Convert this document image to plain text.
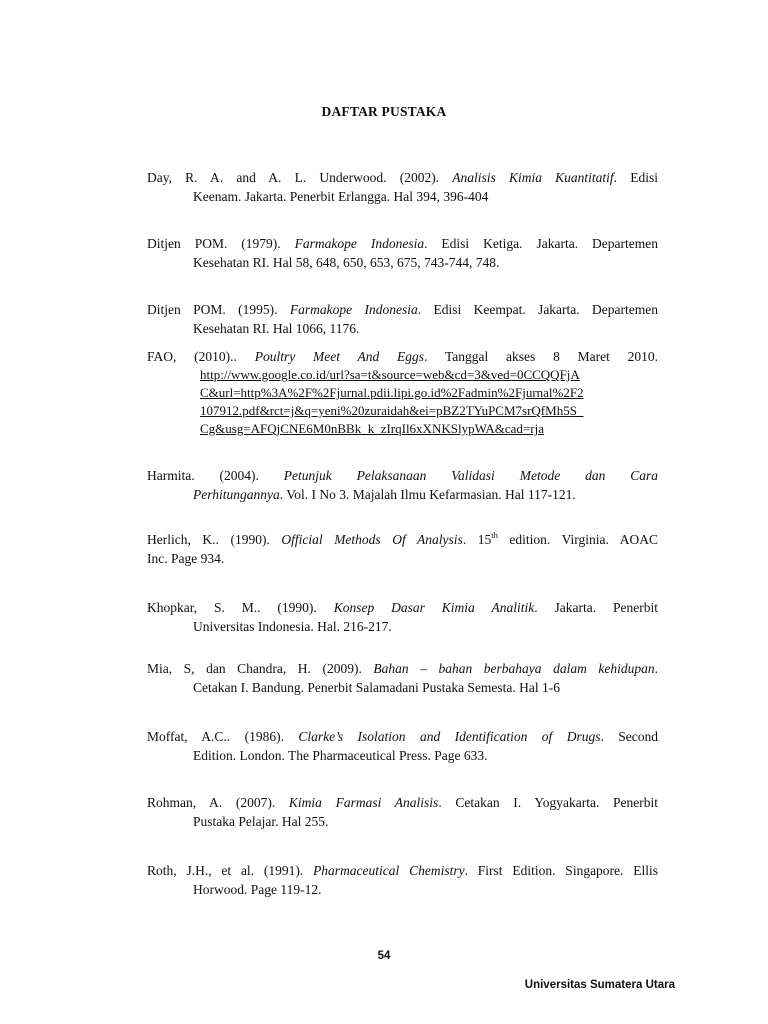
DAFTAR PUSTAKA
Day, R. A. and A. L. Underwood. (2002). Analisis Kimia Kuantitatif. Edisi
Keenam. Jakarta. Penerbit Erlangga. Hal 394, 396-404
Ditjen POM. (1979). Farmakope Indonesia. Edisi Ketiga. Jakarta. Departemen
Kesehatan RI. Hal 58, 648, 650, 653, 675, 743-744, 748.
Ditjen POM. (1995). Farmakope Indonesia. Edisi Keempat. Jakarta. Departemen
Kesehatan RI. Hal 1066, 1176.
FAO, (2010).. Poultry Meet And Eggs. Tanggal akses 8 Maret 2010.
http://www.google.co.id/url?sa=t&source=web&cd=3&ved=0CCQQFjA
C&url=http%3A%2F%2Fjurnal.pdii.lipi.go.id%2Fadmin%2Fjurnal%2F2
107912.pdf&rct=j&q=yeni%20zuraidah&ei=pBZ2TYuPCM7srQfMh5S_
Cg&usg=AFQjCNE6M0nBBk_k_zIrqIl6xXNKSlypWA&cad=rja
Harmita. (2004). Petunjuk Pelaksanaan Validasi Metode dan Cara
Perhitungannya. Vol. I No 3. Majalah Ilmu Kefarmasian. Hal 117-121.
Herlich, K.. (1990). Official Methods Of Analysis. 15th edition. Virginia. AOAC
Inc. Page 934.
Khopkar, S. M.. (1990). Konsep Dasar Kimia Analitik. Jakarta. Penerbit
Universitas Indonesia. Hal. 216-217.
Mia, S, dan Chandra, H. (2009). Bahan – bahan berbahaya dalam kehidupan.
Cetakan I. Bandung. Penerbit Salamadani Pustaka Semesta. Hal 1-6
Moffat, A.C.. (1986). Clarke’s Isolation and Identification of Drugs. Second
Edition. London. The Pharmaceutical Press. Page 633.
Rohman, A. (2007). Kimia Farmasi Analisis. Cetakan I. Yogyakarta. Penerbit
Pustaka Pelajar. Hal 255.
Roth, J.H., et al. (1991). Pharmaceutical Chemistry. First Edition. Singapore. Ellis
Horwood. Page 119-12.
54
Universitas Sumatera Utara
